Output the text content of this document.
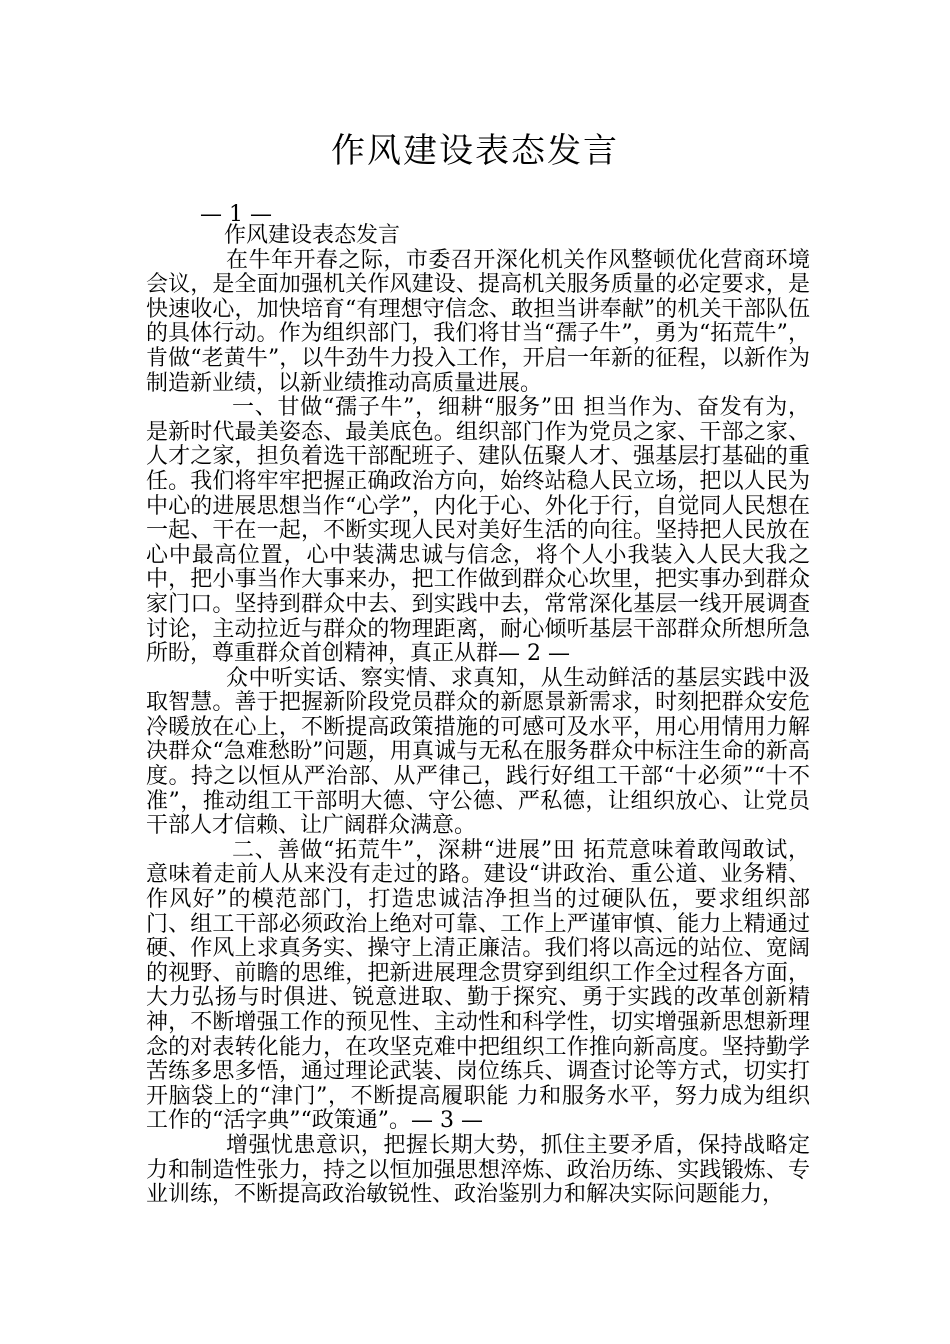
作风建设表态发言
— 1 —

作风建设表态发言

在牛年开春之际，市委召开深化机关作风整顿优化营商环境会议，是全面加强机关作风建设、提高机关服务质量的必定要求，是快速收心，加快培育“有理想守信念、敢担当讲奉献”的机关干部队伍的具体行动。作为组织部门，我们将甘当“孺子牛”，勇为“拓荒牛”，肯做“老黄牛”，以牛劲牛力投入工作，开启一年新的征程，以新作为制造新业绩，以新业绩推动高质量进展。

一、甘做“孺子牛”，细耕“服务”田 担当作为、奋发有为，是新时代最美姿态、最美底色。组织部门作为党员之家、干部之家、人才之家，担负着选干部配班子、建队伍聚人才、强基层打基础的重任。我们将牢牢把握正确政治方向，始终站稳人民立场，把以人民为中心的进展思想当作“心学”，内化于心、外化于行，自觉同人民想在一起、干在一起，不断实现人民对美好生活的向往。坚持把人民放在心中最高位置，心中装满忠诚与信念，将个人小我装入人民大我之中，把小事当作大事来办，把工作做到群众心坎里，把实事办到群众家门口。坚持到群众中去、到实践中去，常常深化基层一线开展调查讨论，主动拉近与群众的物理距离，耐心倾听基层干部群众所想所急所盼，尊重群众首创精神，真正从群— 2 —

众中听实话、察实情、求真知，从生动鲜活的基层实践中汲取智慧。善于把握新阶段党员群众的新愿景新需求，时刻把群众安危冷暖放在心上，不断提高政策措施的可感可及水平，用心用情用力解决群众“急难愁盼”问题，用真诚与无私在服务群众中标注生命的新高度。持之以恒从严治部、从严律己，践行好组工干部“十必须”“十不准”，推动组工干部明大德、守公德、严私德，让组织放心、让党员干部人才信赖、让广阔群众满意。

二、善做“拓荒牛”，深耕“进展”田 拓荒意味着敢闯敢试，意味着走前人从来没有走过的路。建设“讲政治、重公道、业务精、作风好”的模范部门，打造忠诚洁净担当的过硬队伍，要求组织部门、组工干部必须政治上绝对可靠、工作上严谨审慎、能力上精通过硬、作风上求真务实、操守上清正廉洁。我们将以高远的站位、宽阔的视野、前瞻的思维，把新进展理念贯穿到组织工作全过程各方面，大力弘扬与时俱进、锐意进取、勤于探究、勇于实践的改革创新精神，不断增强工作的预见性、主动性和科学性，切实增强新思想新理念的对表转化能力，在攻坚克难中把组织工作推向新高度。坚持勤学苦练多思多悟，通过理论武装、岗位练兵、调查讨论等方式，切实打开脑袋上的“津门”，不断提高履职能 力和服务水平，努力成为组织工作的“活字典”“政策通”。— 3 —

增强忧患意识，把握长期大势，抓住主要矛盾，保持战略定力和制造性张力，持之以恒加强思想淬炼、政治历练、实践锻炼、专业训练，不断提高政治敏锐性、政治鉴别力和解决实际问题能力，
